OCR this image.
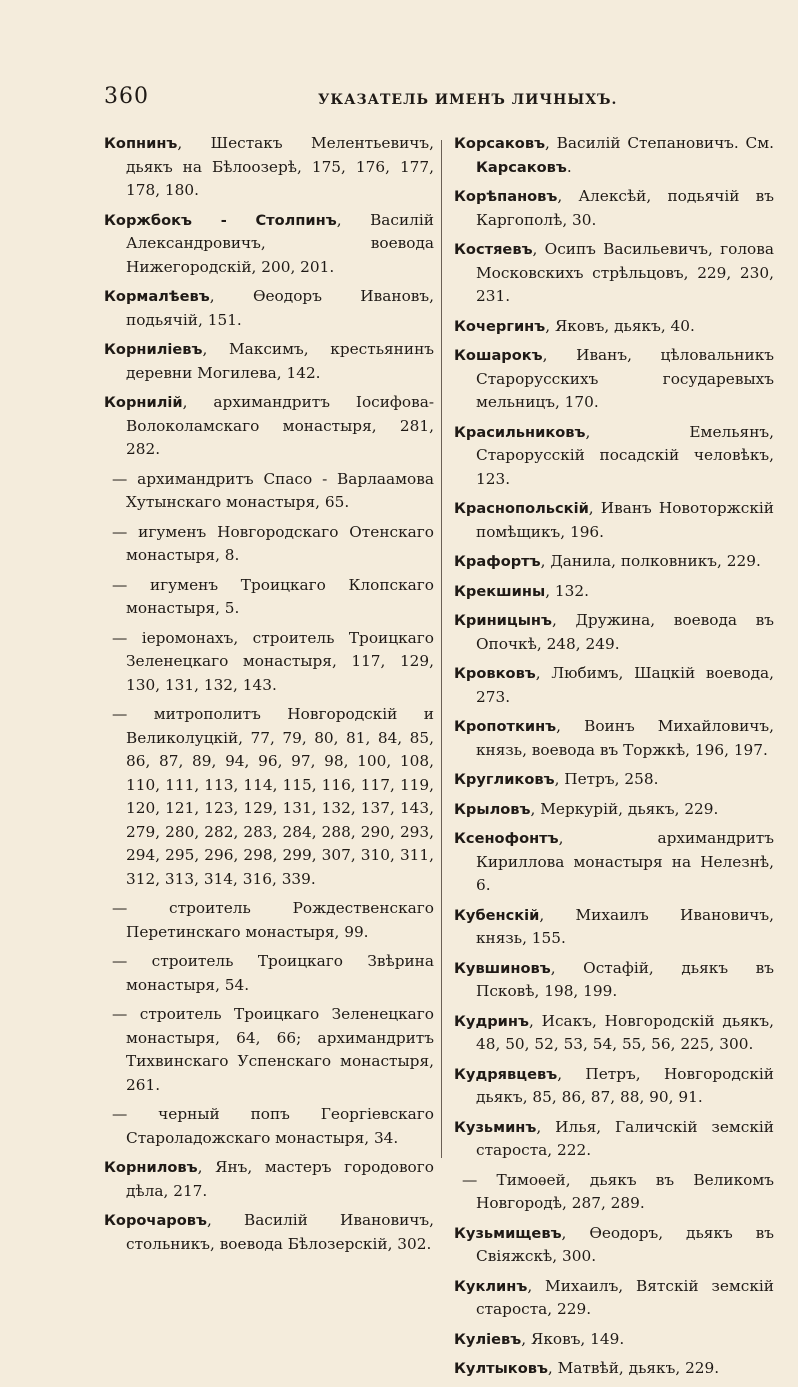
360	УКАЗАТЕЛЬ ИМЕНЪ ЛИЧНЫХЪ.
Копнинъ, Шестакъ Мелентьевичъ, дьякъ на Бѣлоозерѣ, 175, 176, 177, 178, 180.
Коржбокъ - Столпинъ, Василій Александровичъ, воевода Нижегородскій, 200, 201.
Кормалѣевъ, Ѳеодоръ Ивановъ, подьячій, 151.
Корниліевъ, Максимъ, крестьянинъ деревни Могилева, 142.
Корнилій, архимандритъ Іосифова-Волоколамскаго монастыря, 281, 282.
— архимандритъ Спасо - Варлаамова Хутынскаго монастыря, 65.
— игуменъ Новгородскаго Отенскаго монастыря, 8.
— игуменъ Троицкаго Клопскаго монастыря, 5.
— іеромонахъ, строитель Троицкаго Зеленецкаго монастыря, 117, 129, 130, 131, 132, 143.
— митрополитъ Новгородскій и Великолуцкій, 77, 79, 80, 81, 84, 85, 86, 87, 89, 94, 96, 97, 98, 100, 108, 110, 111, 113, 114, 115, 116, 117, 119, 120, 121, 123, 129, 131, 132, 137, 143, 279, 280, 282, 283, 284, 288, 290, 293, 294, 295, 296, 298, 299, 307, 310, 311, 312, 313, 314, 316, 339.
— строитель Рождественскаго Перетинскаго монастыря, 99.
— строитель Троицкаго Звѣрина монастыря, 54.
— строитель Троицкаго Зеленецкаго монастыря, 64, 66; архимандритъ Тихвинскаго Успенскаго монастыря, 261.
— черный попъ Георгіевскаго Староладожскаго монастыря, 34.
Корниловъ, Янъ, мастеръ городового дѣла, 217.
Корочаровъ, Василій Ивановичъ, стольникъ, воевода Бѣлозерскій, 302.
Корсаковъ, Василій Степановичъ. См. Карсаковъ.
Корѣпановъ, Алексѣй, подьячій въ Каргополѣ, 30.
Костяевъ, Осипъ Васильевичъ, голова Московскихъ стрѣльцовъ, 229, 230, 231.
Кочергинъ, Яковъ, дьякъ, 40.
Кошарокъ, Иванъ, цѣловальникъ Старорусскихъ государевыхъ мельницъ, 170.
Красильниковъ, Емельянъ, Старорусскій посадскій человѣкъ, 123.
Краснопольскій, Иванъ Новоторжскій помѣщикъ, 196.
Крафортъ, Данила, полковникъ, 229.
Крекшины, 132.
Криницынъ, Дружина, воевода въ Опочкѣ, 248, 249.
Кровковъ, Любимъ, Шацкій воевода, 273.
Кропоткинъ, Воинъ Михайловичъ, князь, воевода въ Торжкѣ, 196, 197.
Кругликовъ, Петръ, 258.
Крыловъ, Меркурій, дьякъ, 229.
Ксенофонтъ, архимандритъ Кириллова монастыря на Нелезнѣ, 6.
Кубенскій, Михаилъ Ивановичъ, князь, 155.
Кувшиновъ, Остафій, дьякъ въ Псковѣ, 198, 199.
Кудринъ, Исакъ, Новгородскій дьякъ, 48, 50, 52, 53, 54, 55, 56, 225, 300.
Кудрявцевъ, Петръ, Новгородскій дьякъ, 85, 86, 87, 88, 90, 91.
Кузьминъ, Илья, Галичскій земскій староста, 222.
— Тимоѳей, дьякъ въ Великомъ Новгородѣ, 287, 289.
Кузьмищевъ, Ѳеодоръ, дьякъ въ Свіяжскѣ, 300.
Куклинъ, Михаилъ, Вятскій земскій староста, 229.
Куліевъ, Яковъ, 149.
Култыковъ, Матвѣй, дьякъ, 229.
